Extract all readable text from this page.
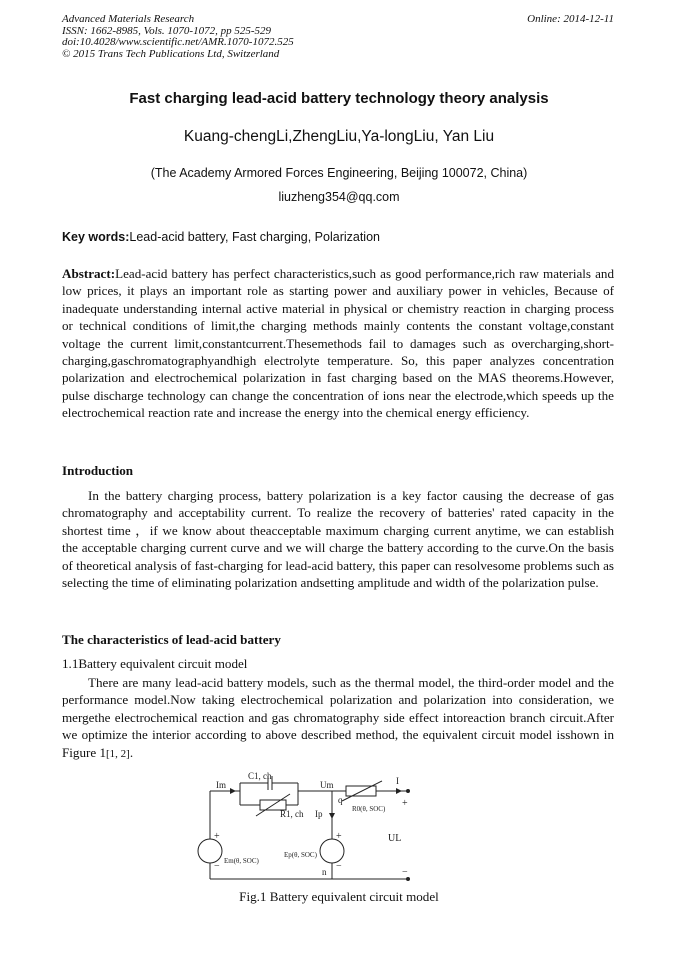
Advanced Materials Research
ISSN: 1662-8985, Vols. 1070-1072, pp 525-529
doi:10.4028/www.scientific.net/AMR.1070-1072.525
© 2015 Trans Tech Publications Ltd, Switzerland
Online: 2014-12-11
Fast charging lead-acid battery technology theory analysis
Kuang-chengLi,ZhengLiu,Ya-longLiu, Yan Liu
(The Academy Armored Forces Engineering, Beijing 100072, China)
liuzheng354@qq.com
Key words:Lead-acid battery, Fast charging, Polarization
Abstract:Lead-acid battery has perfect characteristics,such as good performance,rich raw materials and low prices, it plays an important role as starting power and auxiliary power in vehicles, Because of inadequate understanding internal active material in physical or chemistry reaction in charging process or technical conditions of limit,the charging methods mainly contents the constant voltage,constant voltage the current limit,constantcurrent.Thesemethods fail to damages such as overcharging,short-charging,gaschromatographyandhigh electrolyte temperature. So, this paper analyzes concentration polarization and electrochemical polarization in fast charging based on the MAS theorems.However, pulse discharge technology can change the concentration of ions near the electrode,which speeds up the electrochemical reaction rate and increase the energy into the chemical energy efficiency.
Introduction
In the battery charging process, battery polarization is a key factor causing the decrease of gas chromatography and acceptability current. To realize the recovery of batteries' rated capacity in the shortest time ，if we know about theacceptable maximum charging current anytime, we can establish the acceptable charging current curve and we will charge the battery according to the curve.On the basis of theoretical analysis of fast-charging for lead-acid battery, this paper can resolvesome problems such as selecting the time of eliminating polarization andsetting amplitude and width of the polarization pulse.
The characteristics of lead-acid battery
1.1Battery equivalent circuit model
There are many lead-acid battery models, such as the thermal model, the third-order model and the performance model.Now taking electrochemical polarization and polarization into consideration, we mergethe electrochemical reaction and gas chromatography side effect intoreaction branch circuit.After we optimize the interior according to above described method, the equivalent circuit model isshown in Figure 1[1, 2].
Im
C1, ch
R1, ch
Um
Ip
q
I
R0(θ, SOC) +
UL
Em(θ, SOC)
Ep(θ, SOC)
n	−
+
−
+
−
Fig.1 Battery equivalent circuit model
